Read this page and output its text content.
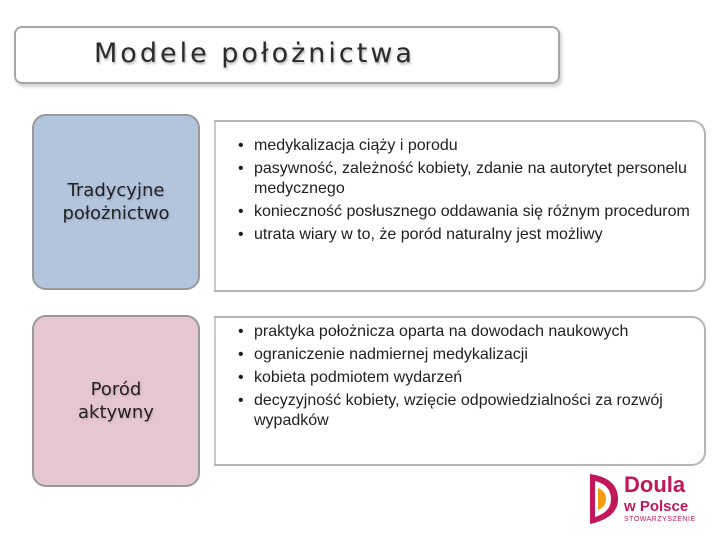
Modele położnictwa
Tradycyjne
położnictwo
• medykalizacja ciąży i porodu
• pasywność, zależność kobiety, zdanie na autorytet personelu medycznego
• konieczność posłusznego oddawania się różnym procedurom
• utrata wiary w to, że poród naturalny jest możliwy
Poród
aktywny
• praktyka położnicza oparta na dowodach naukowych
• ograniczenie nadmiernej medykalizacji
• kobieta podmiotem wydarzeń
• decyzyjność kobiety, wzięcie odpowiedzialności za rozwój wypadków
Doula
w Polsce
STOWARZYSZENIE
